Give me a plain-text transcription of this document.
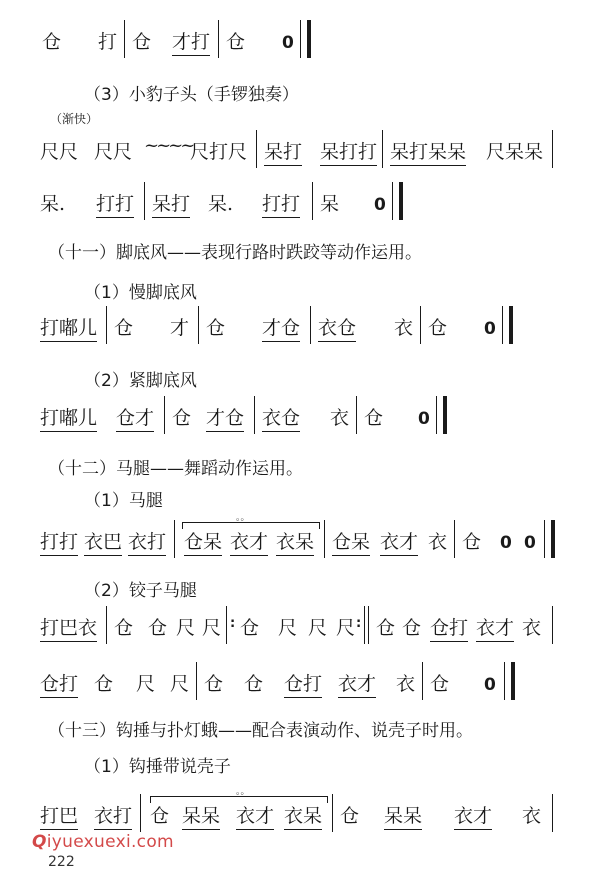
仓 打 仓 才打 仓 0
（3）小豹子头（手锣独奏）
（渐快）
尺尺 尺尺 ~~~~
尺打尺 呆打 呆打打 呆打呆呆 尺呆呆
呆. 打打 呆打 呆. 打打 呆 0
（十一）脚底风——表现行路时跌跤等动作运用。
（1）慢脚底风
打嘟儿 仓 才 仓 才仓 衣仓 衣 仓 0
（2）紧脚底风
打嘟儿 仓才 仓 才仓 衣仓 衣 仓 0
（十二）马腿——舞蹈动作运用。
（1）马腿
打打 衣巴 衣打
。。
仓呆 衣才 衣呆 仓呆 衣才 衣 仓 0 0
（2）铰子马腿
打巴衣 仓 仓 尺 尺 : 仓 尺 尺 尺 : 仓 仓 仓打 衣才 衣
仓打 仓 尺 尺 仓 仓 仓打 衣才 衣 仓 0
（十三）钩捶与扑灯蛾——配合表演动作、说壳子时用。
（1）钩捶带说壳子
打巴 衣打
。。
仓 呆呆 衣才 衣呆 仓 呆呆 衣才 衣
Qiyuexuexi.com
222
